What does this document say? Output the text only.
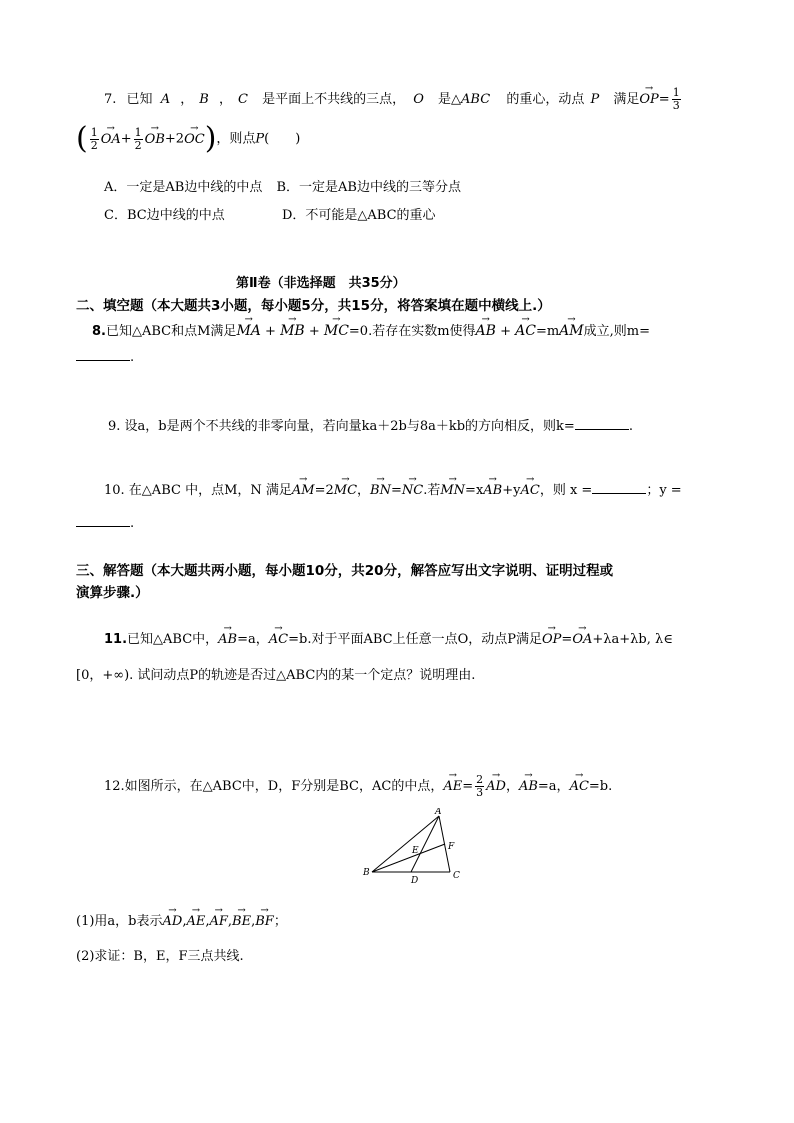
7. 已知 A ， B ， C 是平面上不共线的三点， O 是△ABC 的重心，动点 P 满足→ $OP= \frac{1}{3}$
( $\frac{1}{2}$
→ $OA+ \frac{1}{2}$
→ OB+2→ OC)，则点P(　　)
A．一定是AB边中线的中点 B．一定是AB边中线的三等分点
C．BC边中线的中点	D．不可能是△ABC的重心
第Ⅱ卷（非选择题　共35分）
二、填空题（本大题共3小题，每小题5分，共15分，将答案填在题中横线上.）
8.已知△ABC和点M满足→ MA + → MB + → MC=0.若存在实数m使得→ AB + → AC=m→ AM成立,则m=
.
9. 设a，b是两个不共线的非零向量，若向量ka＋2b与8a＋kb的方向相反，则k=	.
10. 在△ABC 中，点M，N 满足→ AM=2→ MC，→ BN=→ NC.若→ MN=x→ AB+y→ AC，则 x =	；y =
.
三、解答题（本大题共两小题，每小题10分，共20分，解答应写出文字说明、证明过程或
演算步骤.）
11.已知△ABC中，→ AB=a，→ AC=b.对于平面ABC上任意一点O，动点P满足→ OP=→ OA+λa+λb, λ∈
[0，+∞). 试问动点P的轨迹是否过△ABC内的某一个定点？说明理由.
12.如图所示，在△ABC中，D，F分别是BC，AC的中点，→ $AE= \frac{2}{3}$
→ AD，→ AB=a，→ AC=b.
A
B	C
D
E	F
(1)用a，b表示→ AD,→ AE,→ AF,→ BE,→ BF；
(2)求证：B，E，F三点共线.
